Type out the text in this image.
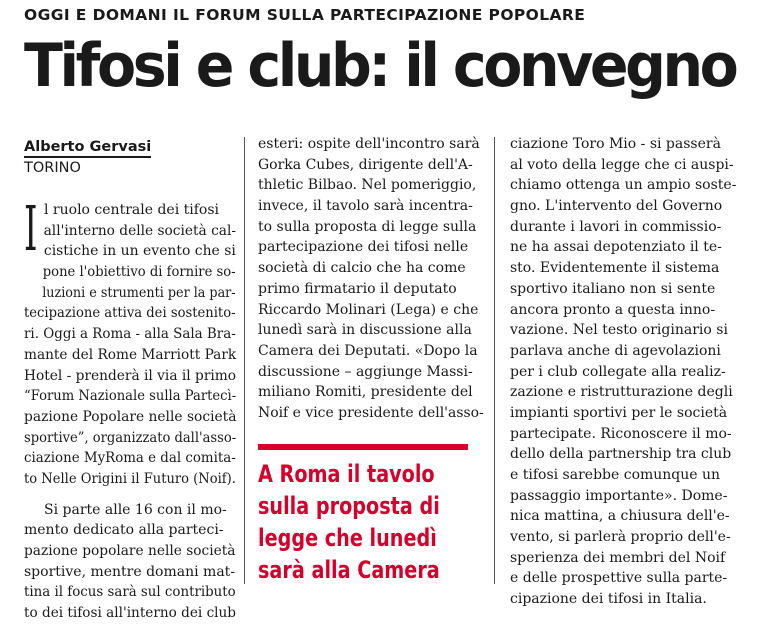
OGGI E DOMANI IL FORUM SULLA PARTECIPAZIONE POPOLARE
Tifosi e club: il convegno
Alberto Gervasi
TORINO
I l ruolo centrale dei tifosi
all'interno delle società cal-
cistiche in un evento che si
pone l'obiettivo di fornire so-
luzioni e strumenti per la par-
tecipazione attiva dei sostenito-
ri. Oggi a Roma - alla Sala Bra-
mante del Rome Marriott Park
Hotel - prenderà il via il primo
“Forum Nazionale sulla Partecì-
pazione Popolare nelle società
sportive”, organizzato dall'asso-
ciazione MyRoma e dal comita-
to Nelle Origini il Futuro (Noif).
Si parte alle 16 con il mo-
mento dedicato alla parteci-
pazione popolare nelle società
sportive, mentre domani mat-
tina il focus sarà sul contributo
to dei tifosi all'interno dei club
esteri: ospite dell'incontro sarà
Gorka Cubes, dirigente dell'A-
thletic Bilbao. Nel pomeriggio,
invece, il tavolo sarà incentra-
to sulla proposta di legge sulla
partecipazione dei tifosi nelle
società di calcio che ha come
primo firmatario il deputato
Riccardo Molinari (Lega) e che
lunedì sarà in discussione alla
Camera dei Deputati. «Dopo la
discussione – aggiunge Massi-
miliano Romiti, presidente del
Noif e vice presidente dell'asso-
ciazione Toro Mio - si passerà
al voto della legge che ci auspi-
chiamo ottenga un ampio soste-
gno. L'intervento del Governo
durante i lavori in commissio-
ne ha assai depotenziato il te-
sto. Evidentemente il sistema
sportivo italiano non si sente
ancora pronto a questa inno-
vazione. Nel testo originario si
parlava anche di agevolazioni
per i club collegate alla realiz-
zazione e ristrutturazione degli
impianti sportivi per le società
partecipate. Riconoscere il mo-
dello della partnership tra club
e tifosi sarebbe comunque un
passaggio importante». Dome-
nica mattina, a chiusura dell'e-
vento, si parlerà proprio dell'e-
sperienza dei membri del Noif
e delle prospettive sulla parte-
cipazione dei tifosi in Italia.
A Roma il tavolo
sulla proposta di
legge che lunedì
sarà alla Camera
